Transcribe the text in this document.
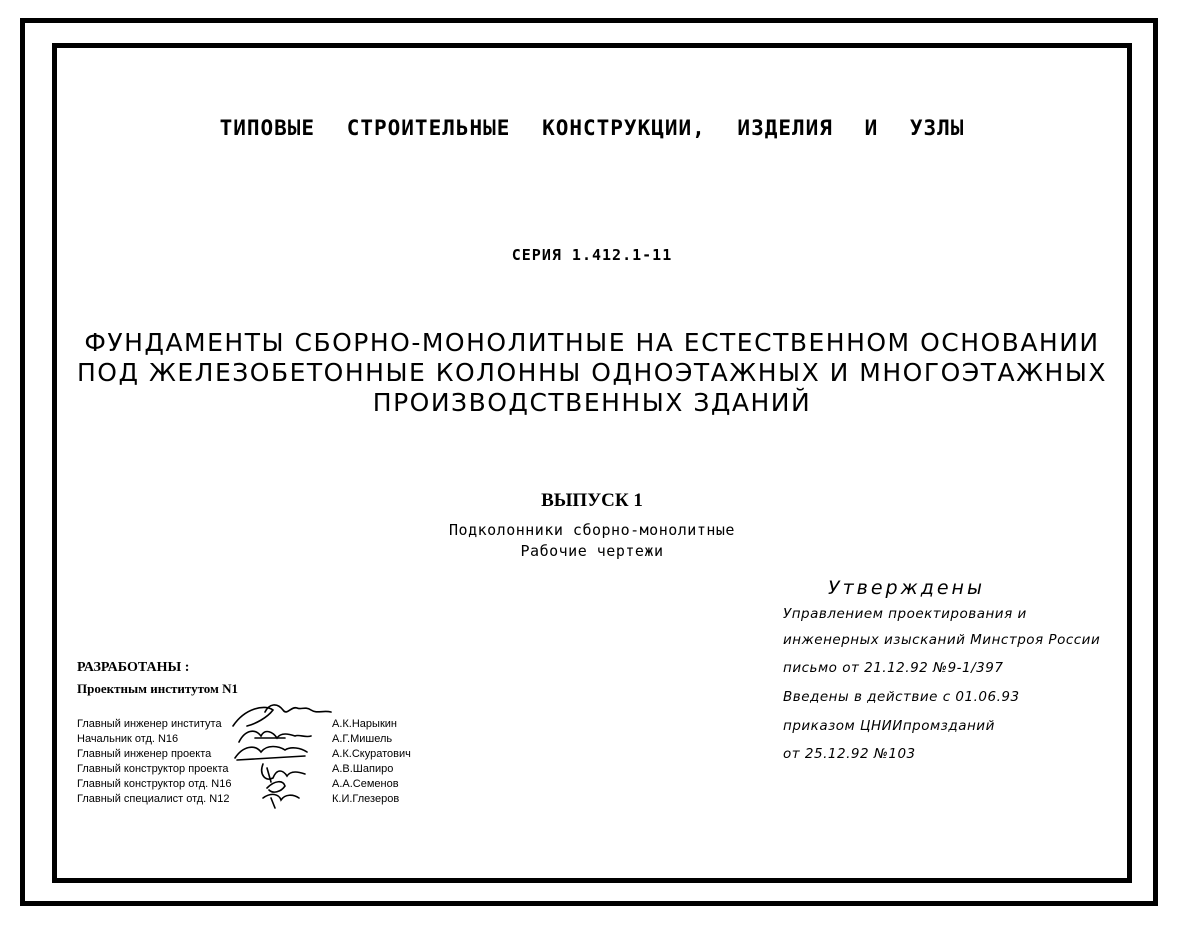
ТИПОВЫЕ СТРОИТЕЛЬНЫЕ КОНСТРУКЦИИ, ИЗДЕЛИЯ И УЗЛЫ
СЕРИЯ 1.412.1-11
ФУНДАМЕНТЫ СБОРНО-МОНОЛИТНЫЕ НА ЕСТЕСТВЕННОМ ОСНОВАНИИ
ПОД ЖЕЛЕЗОБЕТОННЫЕ КОЛОННЫ ОДНОЭТАЖНЫХ И МНОГОЭТАЖНЫХ
ПРОИЗВОДСТВЕННЫХ ЗДАНИЙ
ВЫПУСК 1
Подколонники сборно-монолитные
Рабочие чертежи
РАЗРАБОТАНЫ :
Проектным институтом N1
Главный инженер института	А.К.Нарыкин
Начальник отд. N16	А.Г.Мишель
Главный инженер проекта	А.К.Скуратович
Главный конструктор проекта	А.В.Шапиро
Главный конструктор отд. N16	А.А.Семенов
Главный специалист отд. N12	К.И.Глезеров
Утверждены
Управлением проектирования и
инженерных изысканий Минстроя России
письмо от 21.12.92 №9-1/397
Введены в действие с 01.06.93
приказом ЦНИИпромзданий
от 25.12.92 №103
